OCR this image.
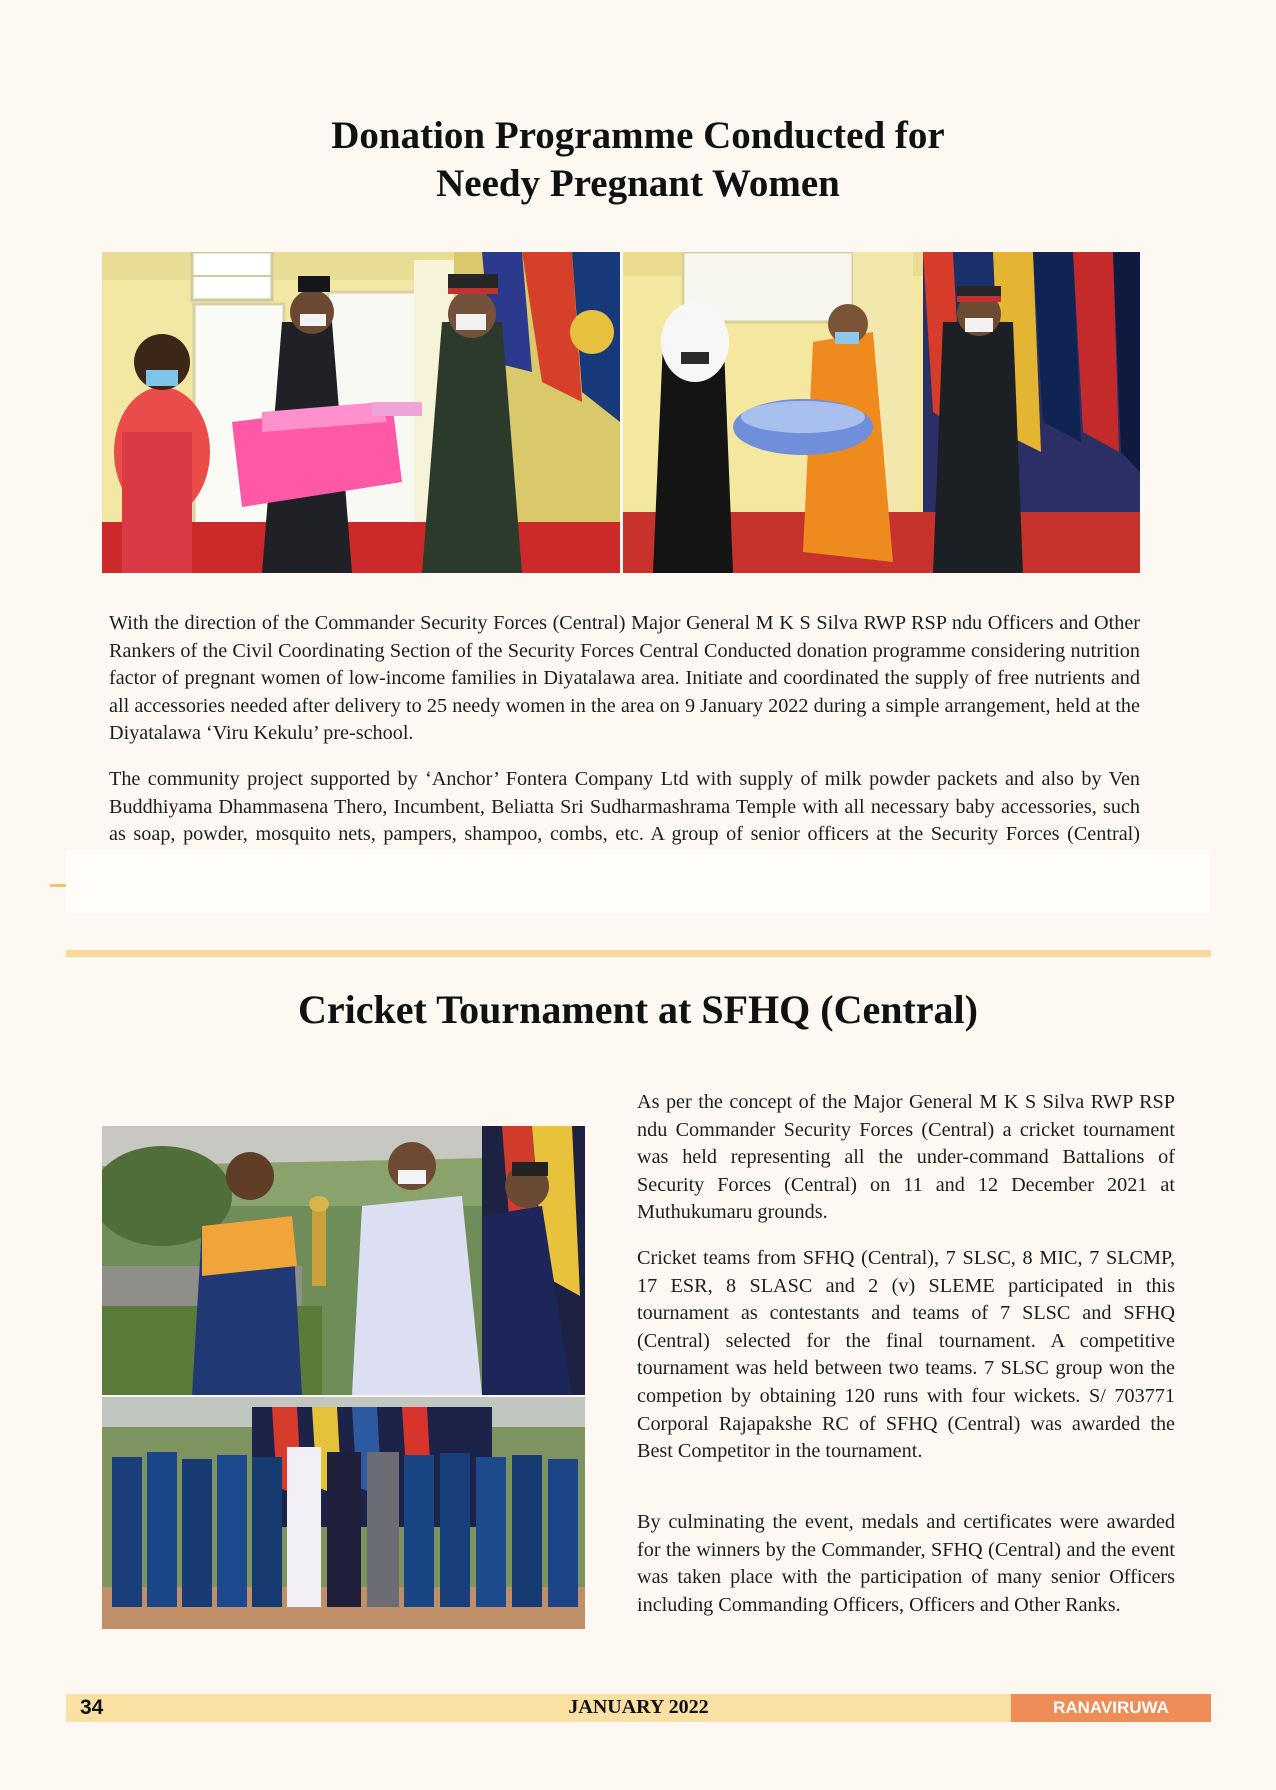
Donation Programme Conducted for
Needy Pregnant Women

With the direction of the Commander Security Forces (Central) Major General M K S Silva RWP RSP ndu Officers and Other Rankers of the Civil Coordinating Section of the Security Forces Central Conducted donation programme considering nutrition factor of pregnant women of low-income families in Diyatalawa area. Initiate and coordinated the supply of free nutrients and all accessories needed after delivery to 25 needy women in the area on 9 January 2022 during a simple arrangement, held at the Diyatalawa ‘Viru Kekulu’ pre-school.

The community project supported by ‘Anchor’ Fontera Company Ltd with supply of milk powder packets and also by Ven Buddhiyama Dhammasena Thero, Incumbent, Beliatta Sri Sudharmashrama Temple with all necessary baby accessories, such as soap, powder, mosquito nets, pampers, shampoo, combs, etc. A group of senior officers at the Security Forces (Central)

Cricket Tournament at SFHQ (Central)

As per the concept of the Major General M K S Silva RWP RSP ndu Commander Security Forces (Central) a cricket tournament was held representing all the under-command Battalions of Security Forces (Central) on 11 and 12 December 2021 at Muthukumaru grounds.

Cricket teams from SFHQ (Central), 7 SLSC, 8 MIC, 7 SLCMP, 17 ESR, 8 SLASC and 2 (v) SLEME participated in this tournament as contestants and teams of 7 SLSC and SFHQ (Central) selected for the final tournament. A competitive tournament was held between two teams. 7 SLSC group won the competion by obtaining 120 runs with four wickets. S/ 703771 Corporal Rajapakshe RC of SFHQ (Central) was awarded the Best Competitor in the tournament.

By culminating the event, medals and certificates were awarded for the winners by the Commander, SFHQ (Central) and the event was taken place with the participation of many senior Officers including Commanding Officers, Officers and Other Ranks.

JANUARY 2022
34	RANAVIRUWA
